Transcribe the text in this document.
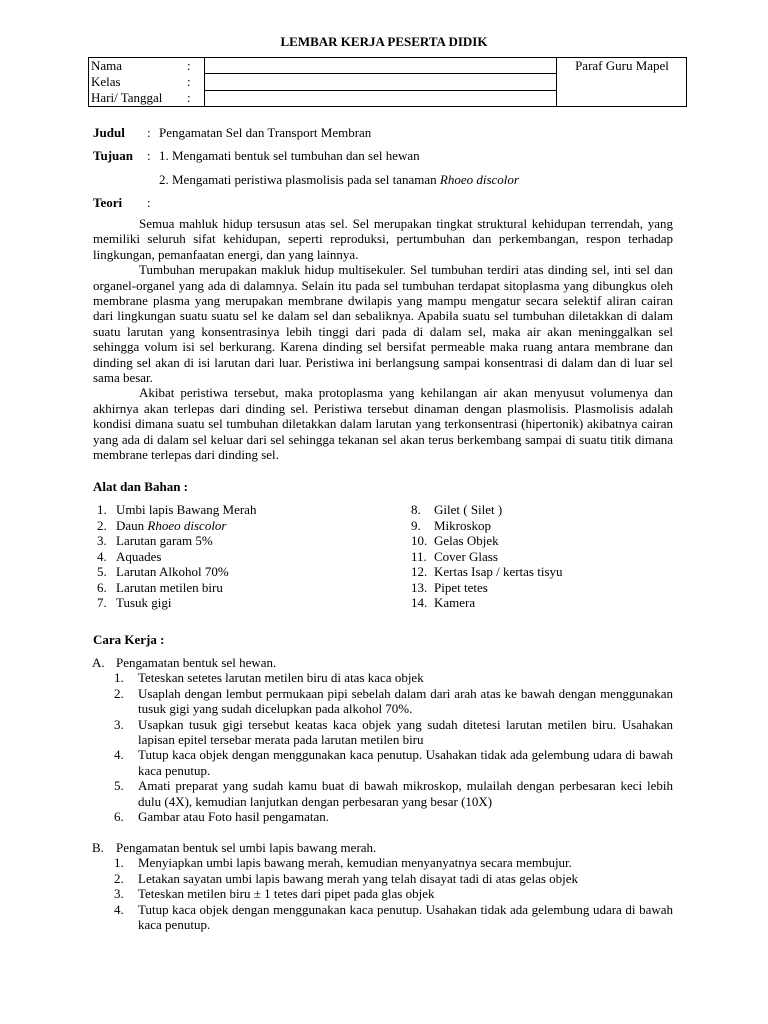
LEMBAR KERJA PESERTA DIDIK
Nama	:		Paraf Guru Mapel
Kelas	:		
Hari/ Tanggal	:		
Judul : Pengamatan Sel dan Transport Membran
Tujuan : 1. Mengamati bentuk sel tumbuhan dan sel hewan
2. Mengamati peristiwa plasmolisis pada sel tanaman Rhoeo discolor
Teori :

Semua mahluk hidup tersusun atas sel. Sel merupakan tingkat struktural kehidupan terrendah, yang memiliki seluruh sifat kehidupan, seperti reproduksi, pertumbuhan dan perkembangan, respon terhadap lingkungan, pemanfaatan energi, dan yang lainnya.

Tumbuhan merupakan makluk hidup multisekuler. Sel tumbuhan terdiri atas dinding sel, inti sel dan organel-organel yang ada di dalamnya. Selain itu pada sel tumbuhan terdapat sitoplasma yang dibungkus oleh membrane plasma yang merupakan membrane dwilapis yang mampu mengatur secara selektif aliran cairan dari lingkungan suatu suatu sel ke dalam sel dan sebaliknya. Apabila suatu sel tumbuhan diletakkan di dalam suatu larutan yang konsentrasinya lebih tinggi dari pada di dalam sel, maka air akan meninggalkan sel sehingga volum isi sel berkurang. Karena dinding sel bersifat permeable maka ruang antara membrane dan dinding sel akan di isi larutan dari luar. Peristiwa ini berlangsung sampai konsentrasi di dalam dan di luar sel sama besar.

Akibat peristiwa tersebut, maka protoplasma yang kehilangan air akan menyusut volumenya dan akhirnya akan terlepas dari dinding sel. Peristiwa tersebut dinaman dengan plasmolisis. Plasmolisis adalah kondisi dimana suatu sel tumbuhan diletakkan dalam larutan yang terkonsentrasi (hipertonik) akibatnya cairan yang ada di dalam sel keluar dari sel sehingga tekanan sel akan terus berkembang sampai di suatu titik dimana membrane terlepas dari dinding sel.

Alat dan Bahan :
1. Umbi lapis Bawang Merah
2. Daun Rhoeo discolor
3. Larutan garam 5%
4. Aquades
5. Larutan Alkohol 70%
6. Larutan metilen biru
7. Tusuk gigi
8. Gilet ( Silet )
9. Mikroskop
10. Gelas Objek
11. Cover Glass
12. Kertas Isap / kertas tisyu
13. Pipet tetes
14. Kamera
Cara Kerja :
A. Pengamatan bentuk sel hewan.
1. Teteskan setetes larutan metilen biru di atas kaca objek
2. Usaplah dengan lembut permukaan pipi sebelah dalam dari arah atas ke bawah dengan menggunakan tusuk gigi yang sudah dicelupkan pada alkohol 70%.
3. Usapkan tusuk gigi tersebut keatas kaca objek yang sudah ditetesi larutan metilen biru. Usahakan lapisan epitel tersebar merata pada larutan metilen biru
4. Tutup kaca objek dengan menggunakan kaca penutup. Usahakan tidak ada gelembung udara di bawah kaca penutup.
5. Amati preparat yang sudah kamu buat di bawah mikroskop, mulailah dengan perbesaran keci lebih dulu (4X), kemudian lanjutkan dengan perbesaran yang besar (10X)
6. Gambar atau Foto hasil pengamatan.
B. Pengamatan bentuk sel umbi lapis bawang merah.
1. Menyiapkan umbi lapis bawang merah, kemudian menyanyatnya secara membujur.
2. Letakan sayatan umbi lapis bawang merah yang telah disayat tadi di atas gelas objek
3. Teteskan metilen biru ± 1 tetes dari pipet pada glas objek
4. Tutup kaca objek dengan menggunakan kaca penutup. Usahakan tidak ada gelembung udara di bawah kaca penutup.
